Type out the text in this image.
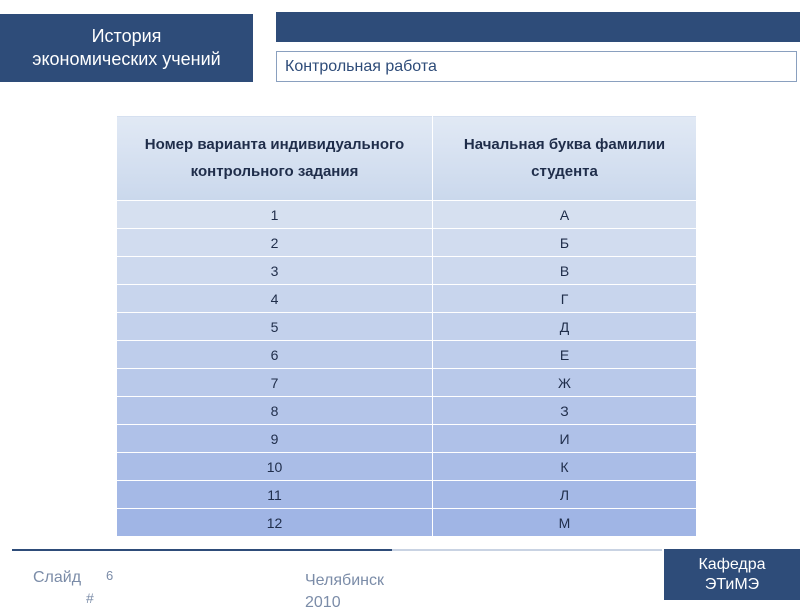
История
экономических учений	Контрольная работа
Номер варианта индивидуального контрольного задания	Начальная буква фамилии студента
1	А
2	Б
3	В
4	Г
5	Д
6	Е
7	Ж
8	З
9	И
10	К
11	Л
12	М
Слайд
#
6	Челябинск
2010
Кафедра
ЭТиМЭ
